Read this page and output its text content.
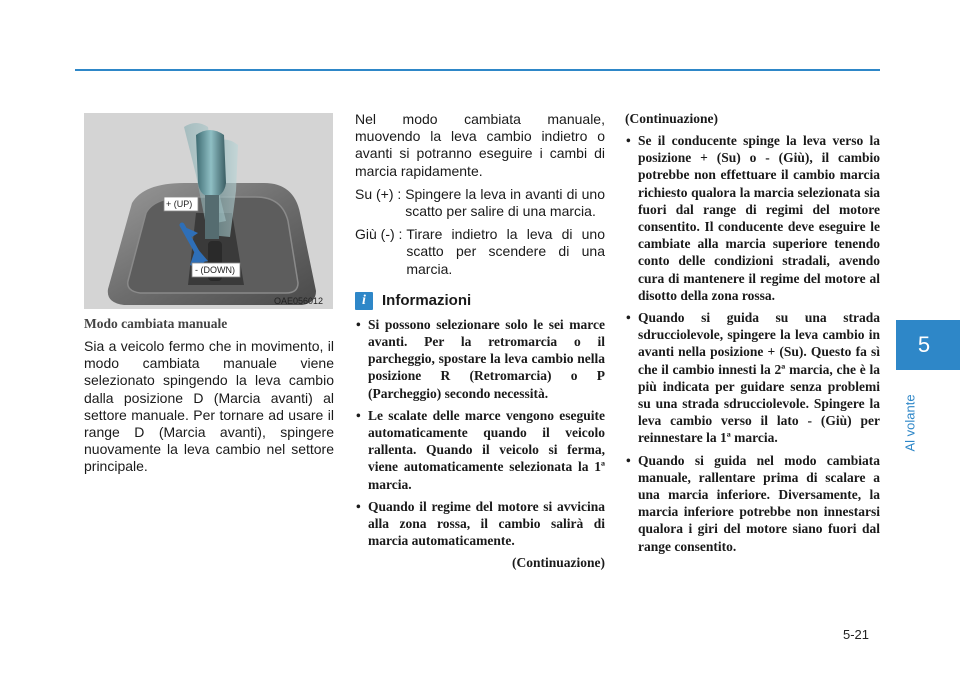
5
Al volante
+ (UP)
- (DOWN)
OAE056012
Modo cambiata manuale

Sia a veicolo fermo che in movimento, il modo cambiata manuale viene selezionato spingendo la leva cambio dalla posizione D (Marcia avanti) al settore manuale. Per tornare ad usare il range D (Marcia avanti), spingere nuovamente la leva cambio nel settore principale.

Nel modo cambiata manuale, muovendo la leva cambio indietro o avanti si potranno eseguire i cambi di marcia rapidamente.

Su (+) : Spingere la leva in avanti di uno scatto per salire di una marcia.
Giù (-) : Tirare indietro la leva di uno scatto per scendere di una marcia.
i	Informazioni
• Si possono selezionare solo le sei marce avanti. Per la retromarcia o il parcheggio, spostare la leva cambio nella posizione R (Retromarcia) o P (Parcheggio) secondo necessità.
• Le scalate delle marce vengono eseguite automaticamente quando il veicolo rallenta. Quando il veicolo si ferma, viene automaticamente selezionata la 1ª marcia.
• Quando il regime del motore si avvicina alla zona rossa, il cambio salirà di marcia automaticamente.
(Continuazione)
(Continuazione)
• Se il conducente spinge la leva verso la posizione + (Su) o - (Giù), il cambio potrebbe non effettuare il cambio marcia richiesto qualora la marcia selezionata sia fuori dal range di regimi del motore consentito. Il conducente deve eseguire le cambiate alla marcia superiore tenendo conto delle condizioni stradali, avendo cura di mantenere il regime del motore al disotto della zona rossa.
• Quando si guida su una strada sdrucciolevole, spingere la leva cambio in avanti nella posizione + (Su). Questo fa sì che il cambio innesti la 2ª marcia, che è la più indicata per guidare senza problemi su una strada sdrucciolevole. Spingere la leva cambio verso il lato - (Giù) per reinnestare la 1ª marcia.
• Quando si guida nel modo cambiata manuale, rallentare prima di scalare a una marcia inferiore. Diversamente, la marcia inferiore potrebbe non innestarsi qualora i giri del motore siano fuori dal range consentito.
5-21
